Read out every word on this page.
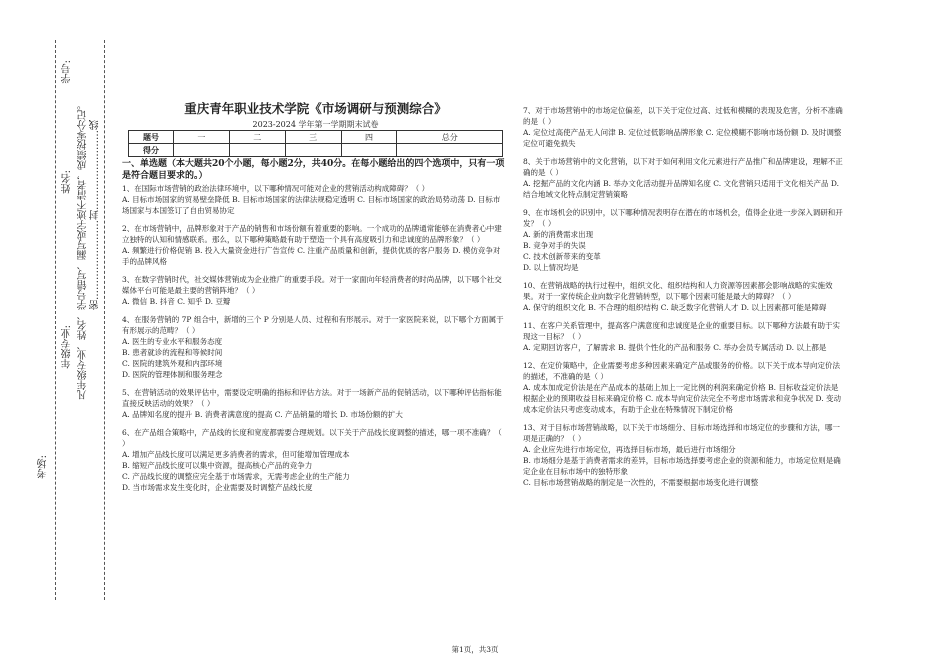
学号:
姓名:
年级专业: 凡年级专业、姓名、学号错写、漏写或字迹不清者，成绩按零分记。 密……………………封……………………线
考场:
重庆青年职业技术学院《市场调研与预测综合》
2023-2024 学年第一学期期末试卷
题号	一	二	三	四	总分
得分					
一、单选题（本大题共20个小题，每小题2分，共40分。在每小题给出的四个选项中，只有一项是符合题目要求的。）
1、在国际市场营销的政治法律环境中，以下哪种情况可能对企业的营销活动构成障碍？（ ）
A. 目标市场国家的贸易壁垒降低 B. 目标市场国家的法律法规稳定透明 C. 目标市场国家的政治局势动荡 D. 目标市场国家与本国签订了自由贸易协定
2、在市场营销中，品牌形象对于产品的销售和市场份额有着重要的影响。一个成功的品牌通常能够在消费者心中建立独特的认知和情感联系。那么，以下哪种策略最有助于塑造一个具有高度吸引力和忠诚度的品牌形象？（ ）
A. 频繁进行价格促销 B. 投入大量资金进行广告宣传 C. 注重产品质量和创新，提供优质的客户服务 D. 模仿竞争对手的品牌风格
3、在数字营销时代，社交媒体营销成为企业推广的重要手段。对于一家面向年轻消费者的时尚品牌，以下哪个社交媒体平台可能是最主要的营销阵地？（ ）
A. 微信 B. 抖音 C. 知乎 D. 豆瓣
4、在服务营销的 7P 组合中，新增的三个 P 分别是人员、过程和有形展示。对于一家医院来说，以下哪个方面属于有形展示的范畴？（ ）
A. 医生的专业水平和服务态度
B. 患者就诊的流程和等候时间
C. 医院的建筑外观和内部环境
D. 医院的管理体制和服务理念
5、在营销活动的效果评估中，需要设定明确的指标和评估方法。对于一场新产品的促销活动，以下哪种评估指标能直接反映活动的效果？（ ）
A. 品牌知名度的提升 B. 消费者满意度的提高 C. 产品销量的增长 D. 市场份额的扩大
6、在产品组合策略中，产品线的长度和宽度都需要合理规划。以下关于产品线长度调整的描述，哪一项不准确？（ ）
A. 增加产品线长度可以满足更多消费者的需求，但可能增加管理成本
B. 缩短产品线长度可以集中资源，提高核心产品的竞争力
C. 产品线长度的调整应完全基于市场需求，无需考虑企业的生产能力
D. 当市场需求发生变化时，企业需要及时调整产品线长度
7、对于市场营销中的市场定位偏差，以下关于定位过高、过低和模糊的表现及危害，分析不准确的是（ ）
A. 定位过高使产品无人问津 B. 定位过低影响品牌形象 C. 定位模糊不影响市场份额 D. 及时调整定位可避免损失
8、关于市场营销中的文化营销，以下对于如何利用文化元素进行产品推广和品牌建设，理解不正确的是（ ）
A. 挖掘产品的文化内涵 B. 举办文化活动提升品牌知名度 C. 文化营销只适用于文化相关产品 D. 结合地域文化特点制定营销策略
9、在市场机会的识别中，以下哪种情况表明存在潜在的市场机会，值得企业进一步深入调研和开发？（ ）
A. 新的消费需求出现
B. 竞争对手的失误
C. 技术创新带来的变革
D. 以上情况均是
10、在营销战略的执行过程中，组织文化、组织结构和人力资源等因素都会影响战略的实施效果。对于一家传统企业向数字化营销转型，以下哪个因素可能是最大的障碍？（ ）
A. 保守的组织文化 B. 不合理的组织结构 C. 缺乏数字化营销人才 D. 以上因素都可能是障碍
11、在客户关系管理中，提高客户满意度和忠诚度是企业的重要目标。以下哪种方法最有助于实现这一目标？（ ）
A. 定期回访客户，了解需求 B. 提供个性化的产品和服务 C. 举办会员专属活动 D. 以上都是
12、在定价策略中，企业需要考虑多种因素来确定产品或服务的价格。以下关于成本导向定价法的描述，不准确的是（ ）
A. 成本加成定价法是在产品成本的基础上加上一定比例的利润来确定价格 B. 目标收益定价法是根据企业的预期收益目标来确定价格 C. 成本导向定价法完全不考虑市场需求和竞争状况 D. 变动成本定价法只考虑变动成本，有助于企业在特殊情况下制定价格
13、对于目标市场营销战略，以下关于市场细分、目标市场选择和市场定位的步骤和方法，哪一项是正确的？（ ）
A. 企业应先进行市场定位，再选择目标市场，最后进行市场细分
B. 市场细分是基于消费者需求的差异，目标市场选择要考虑企业的资源和能力，市场定位则是确定企业在目标市场中的独特形象
C. 目标市场营销战略的制定是一次性的，不需要根据市场变化进行调整
第1页，共3页
